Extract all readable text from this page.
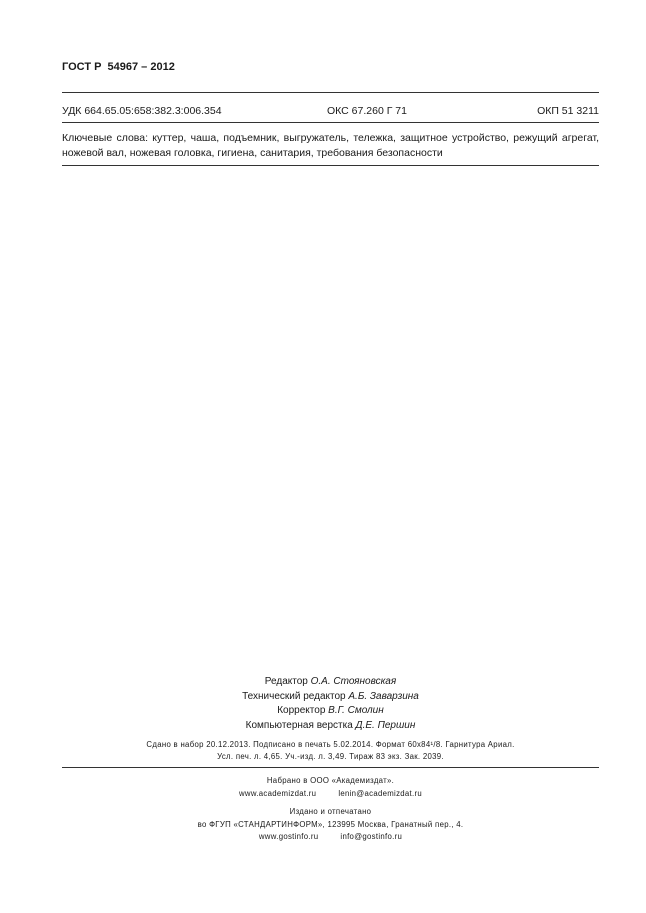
ГОСТ Р  54967 – 2012
УДК 664.65.05:658:382.3:006.354	ОКС 67.260 Г 71	ОКП 51 3211
Ключевые слова: куттер, чаша, подъемник, выгружатель, тележка, защитное устройство, режущий агрегат, ножевой вал, ножевая головка, гигиена, санитария, требования безопасности
Редактор О.А. Стояновская
Технический редактор А.Б. Заварзина
Корректор В.Г. Смолин
Компьютерная верстка Д.Е. Першин
Сдано в набор 20.12.2013. Подписано в печать 5.02.2014. Формат 60х84¹/8. Гарнитура Ариал.
Усл. печ. л. 4,65. Уч.-изд. л. 3,49. Тираж 83 экз. Зак. 2039.
Набрано в ООО «Академиздат».
www.academizdat.ru	lenin@academizdat.ru
Издано и отпечатано
во ФГУП «СТАНДАРТИНФОРМ», 123995 Москва, Гранатный пер., 4.
www.gostinfo.ru	info@gostinfo.ru
